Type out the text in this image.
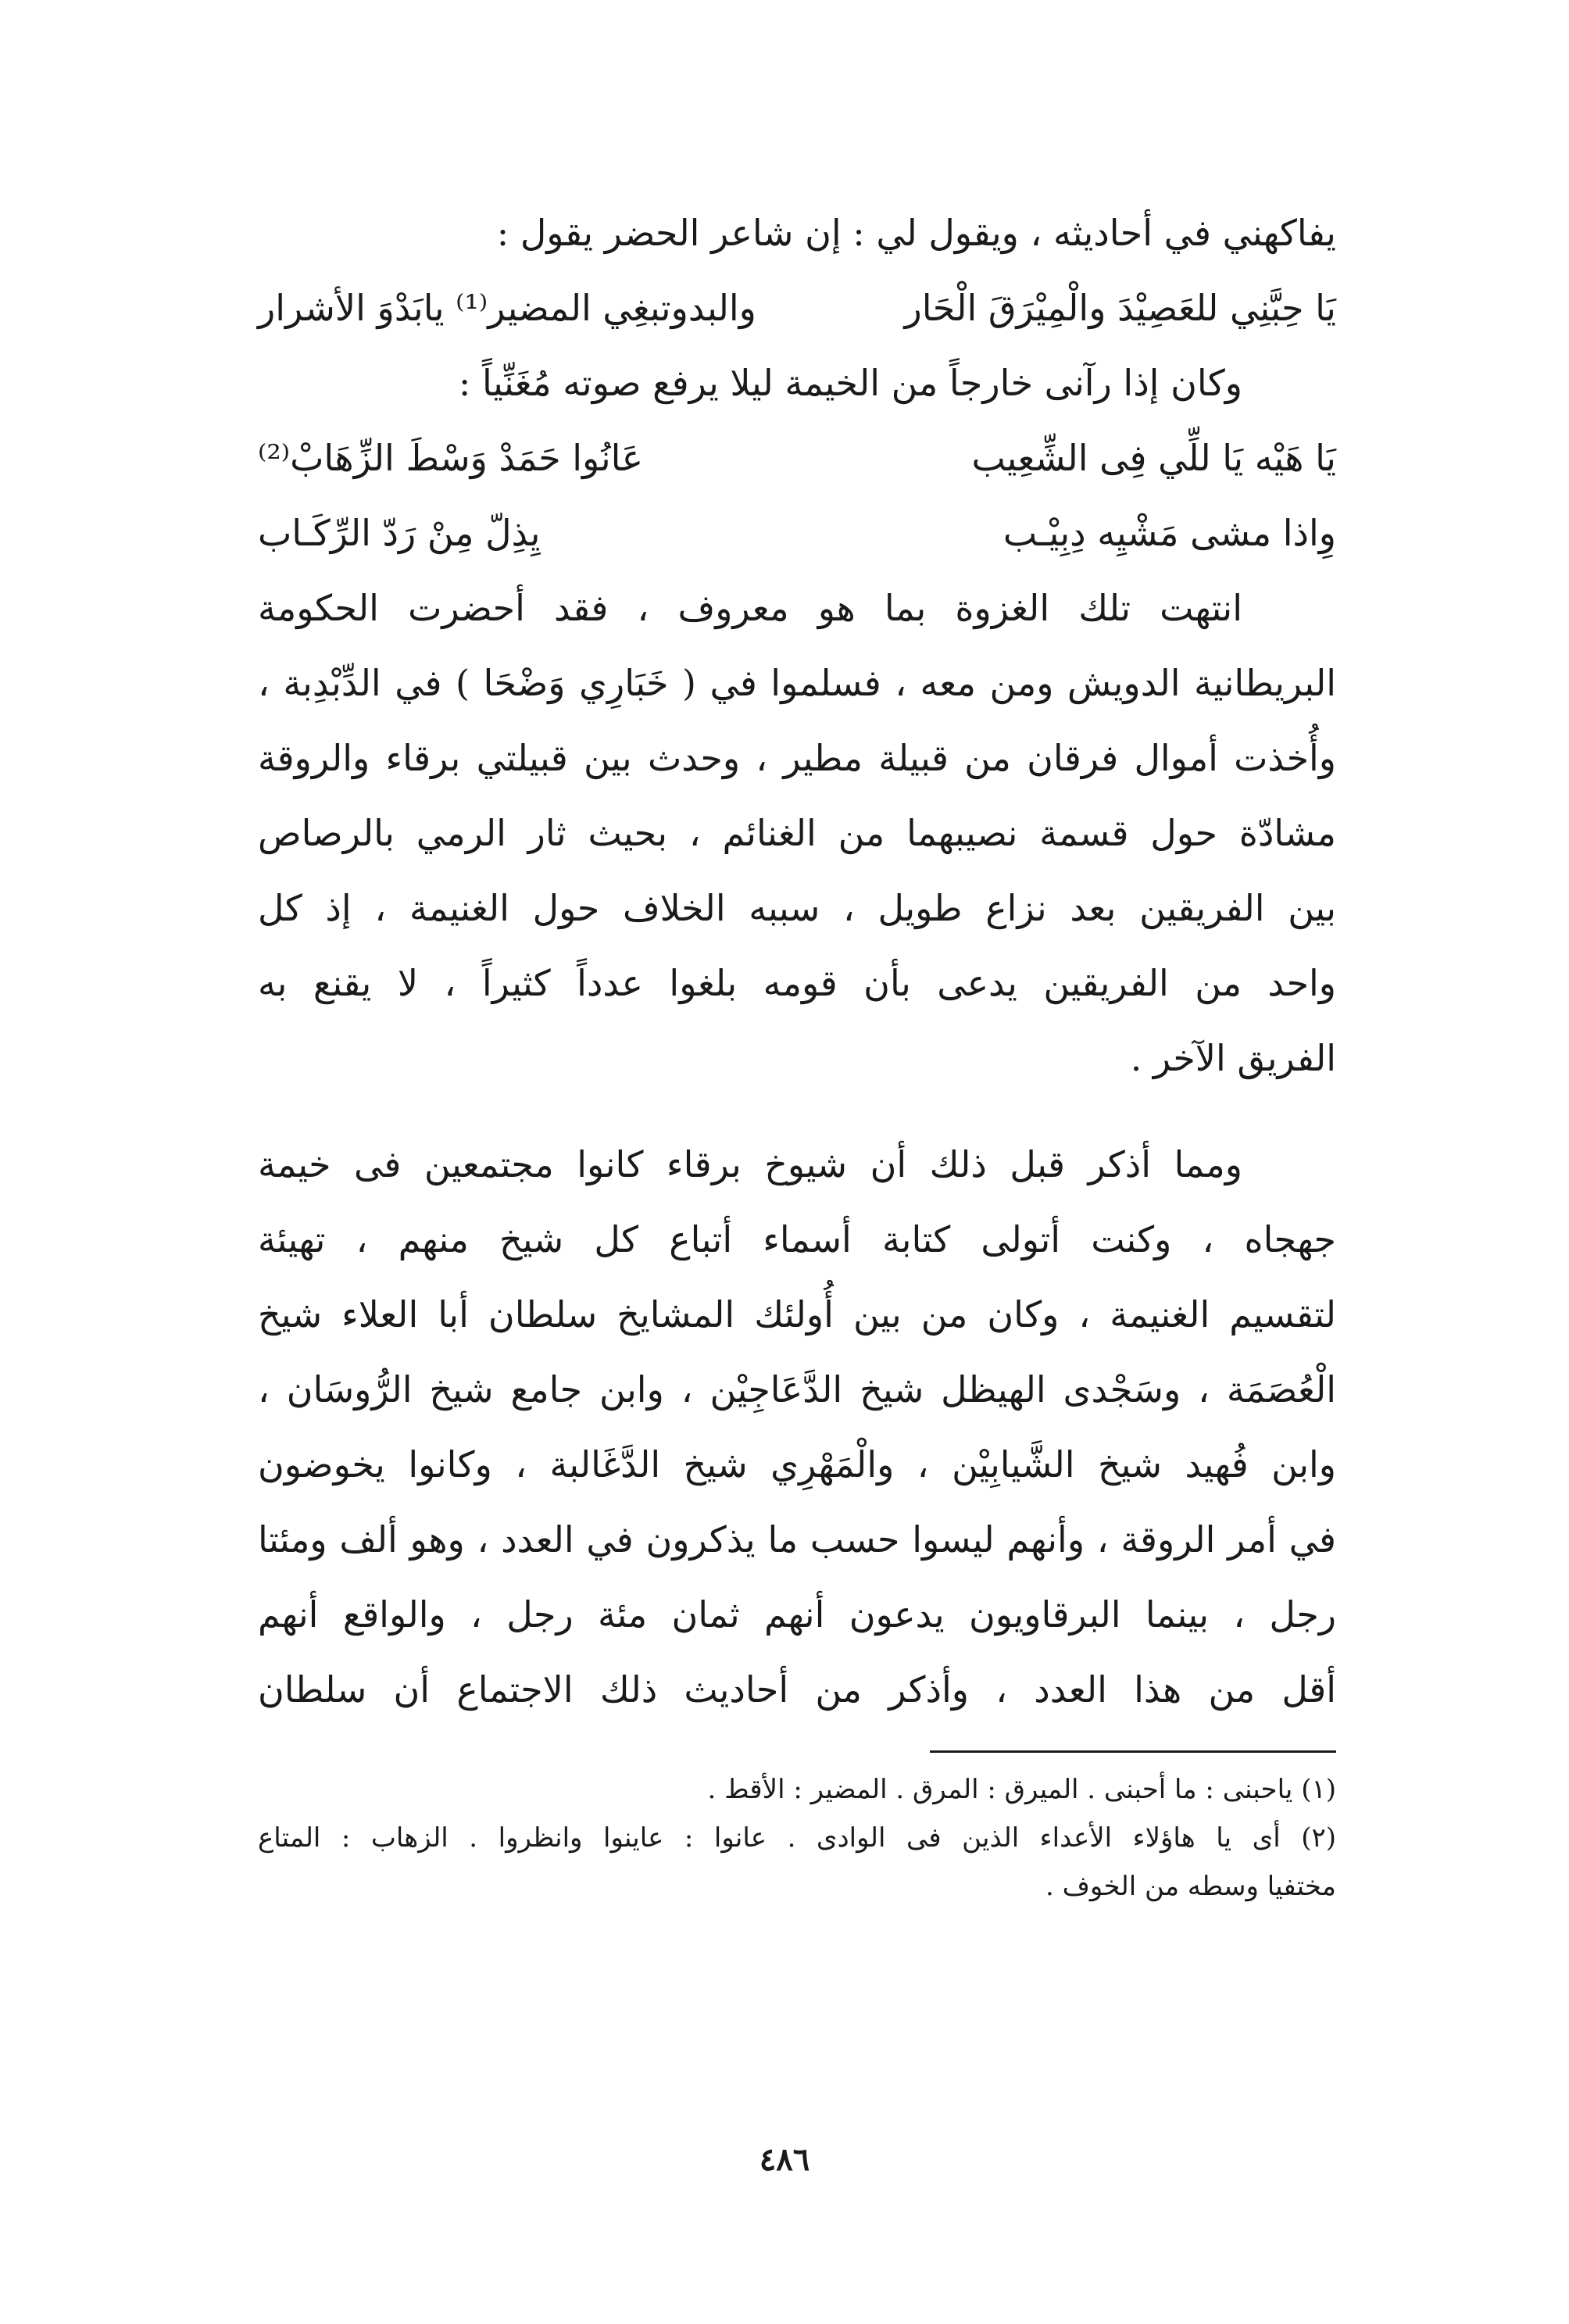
يفاكهني في أحاديثه ، ويقول لي : إن شاعر الحضر يقول :
يَا حِبَّنِي للعَصِيْدَ والْمِيْرَقَ الْحَار
والبدوتبغِي المضير⁽¹⁾ يابَدْوَ الأشرار
وكان إذا رآنى خارجاً من الخيمة ليلا يرفع صوته مُغَنِّياً :
يَا هَيْه يَا للِّي فِى الشِّعِيب
عَانُوا حَمَدْ وَسْطَ الزِّهَابْ⁽²⁾
وِاذا مشى مَشْيِه دِبِيْـب
يِذِلّ مِنْ رَدّ الرِّكَـاب
انتهت تلك الغزوة بما هو معروف ، فقد أحضرت الحكومة
البريطانية الدويش ومن معه ، فسلموا في ( خَبَارِي وَضْحَا ) في الدِّبْدِبة ،
وأُخذت أموال فرقان من قبيلة مطير ، وحدث بين قبيلتي برقاء والروقة
مشادّة حول قسمة نصيبهما من الغنائم ، بحيث ثار الرمي بالرصاص
بين الفريقين بعد نزاع طويل ، سببه الخلاف حول الغنيمة ، إذ كل
واحد من الفريقين يدعى بأن قومه بلغوا عدداً كثيراً ، لا يقنع به
الفريق الآخر .
ومما أذكر قبل ذلك أن شيوخ برقاء كانوا مجتمعين فى خيمة
جهجاه ، وكنت أتولى كتابة أسماء أتباع كل شيخ منهم ، تهيئة
لتقسيم الغنيمة ، وكان من بين أُولئك المشايخ سلطان أبا العلاء شيخ
الْعُصَمَة ، وسَجْدى الهيظل شيخ الدَّعَاجِيْن ، وابن جامع شيخ الرُّوسَان ،
وابن فُهيد شيخ الشَّيابِيْن ، والْمَهْرِي شيخ الدَّغَالبة ، وكانوا يخوضون
في أمر الروقة ، وأنهم ليسوا حسب ما يذكرون في العدد ، وهو ألف ومئتا
رجل ، بينما البرقاويون يدعون أنهم ثمان مئة رجل ، والواقع أنهم
أقل من هذا العدد ، وأذكر من أحاديث ذلك الاجتماع أن سلطان
(١) ياحبنى : ما أحبنى . الميرق : المرق . المضير : الأقط .
(٢) أى يا هاؤلاء الأعداء الذين فى الوادى . عانوا : عاينوا وانظروا . الزهاب : المتاع
مختفيا وسطه من الخوف .
٤٨٦
